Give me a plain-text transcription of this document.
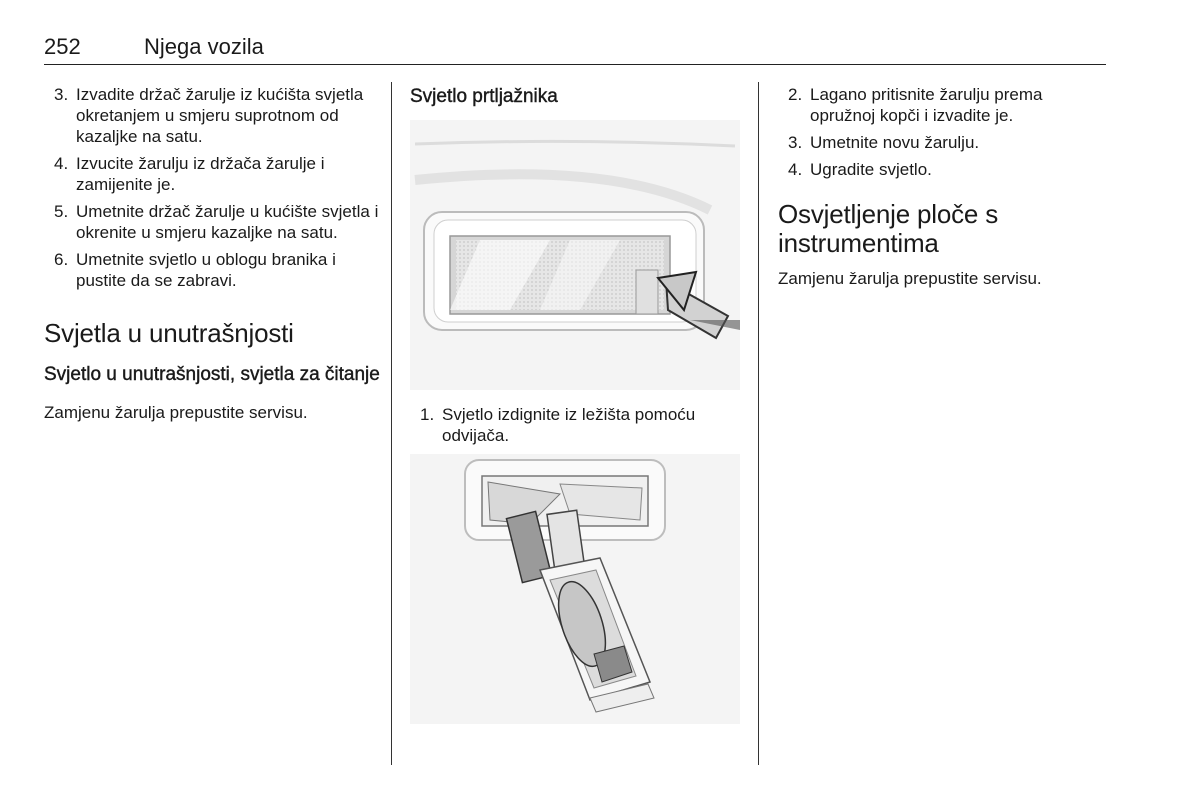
252	Njega vozila
3. Izvadite držač žarulje iz kućišta svjetla okretanjem u smjeru suprotnom od kazaljke na satu.
4. Izvucite žarulju iz držača žarulje i zamijenite je.
5. Umetnite držač žarulje u kućište svjetla i okrenite u smjeru kazaljke na satu.
6. Umetnite svjetlo u oblogu branika i pustite da se zabravi.
Svjetla u unutrašnjosti
Svjetlo u unutrašnjosti, svjetla za čitanje

Zamjenu žarulja prepustite servisu.

Svjetlo prtljažnika
1. Svjetlo izdignite iz ležišta pomoću odvijača.
2. Lagano pritisnite žarulju prema opružnoj kopči i izvadite je.
3. Umetnite novu žarulju.
4. Ugradite svjetlo.
Osvjetljenje ploče s instrumentima

Zamjenu žarulja prepustite servisu.
